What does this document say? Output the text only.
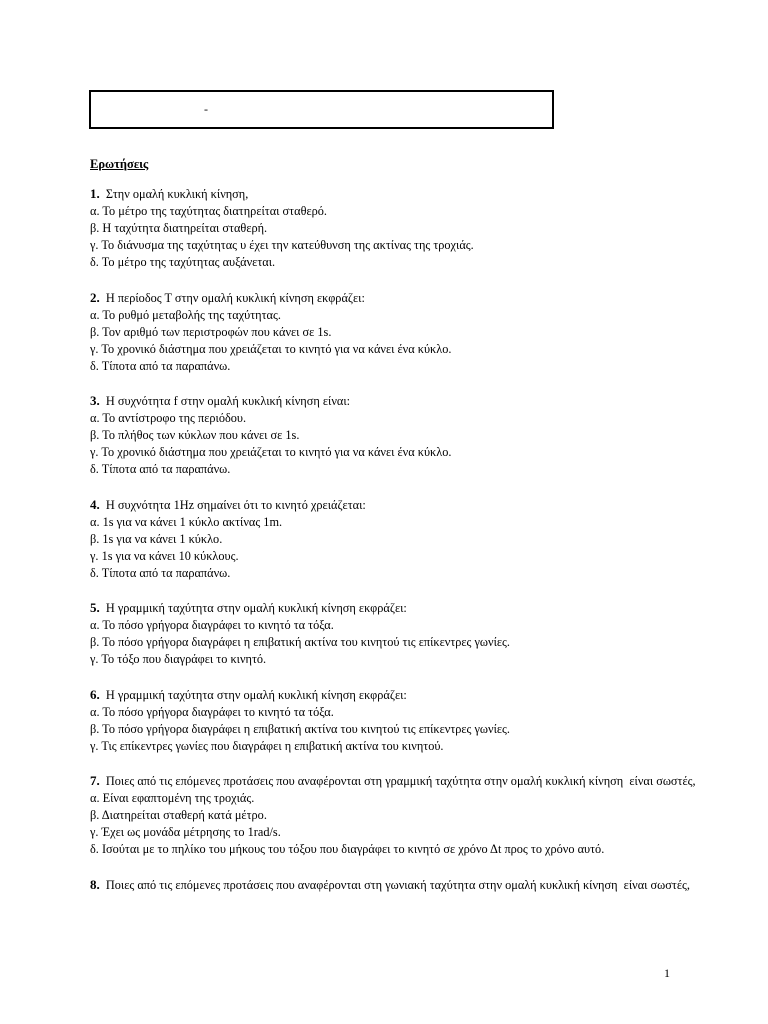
-
Ερωτήσεις
1.  Στην ομαλή κυκλική κίνηση,
α. Το μέτρο της ταχύτητας διατηρείται σταθερό.
β. Η ταχύτητα διατηρείται σταθερή.
γ. Το διάνυσμα της ταχύτητας υ έχει την κατεύθυνση της ακτίνας της τροχιάς.
δ. Το μέτρο της ταχύτητας αυξάνεται.
2.  Η περίοδος Τ στην ομαλή κυκλική κίνηση εκφράζει:
α. Το ρυθμό μεταβολής της ταχύτητας.
β. Τον αριθμό των περιστροφών που κάνει σε 1s.
γ. Το χρονικό διάστημα που χρειάζεται το κινητό για να κάνει ένα κύκλο.
δ. Τίποτα από τα παραπάνω.
3.  Η συχνότητα f στην ομαλή κυκλική κίνηση είναι:
α. Το αντίστροφο της περιόδου.
β. Το πλήθος των κύκλων που κάνει σε 1s.
γ. Το χρονικό διάστημα που χρειάζεται το κινητό για να κάνει ένα κύκλο.
δ. Τίποτα από τα παραπάνω.
4.  Η συχνότητα 1Hz σημαίνει ότι το κινητό χρειάζεται:
α. 1s για να κάνει 1 κύκλο ακτίνας 1m.
β. 1s για να κάνει 1 κύκλο.
γ. 1s για να κάνει 10 κύκλους.
δ. Τίποτα από τα παραπάνω.
5.  Η γραμμική ταχύτητα στην ομαλή κυκλική κίνηση εκφράζει:
α. Το πόσο γρήγορα διαγράφει το κινητό τα τόξα.
β. Το πόσο γρήγορα διαγράφει η επιβατική ακτίνα του κινητού τις επίκεντρες γωνίες.
γ. Το τόξο που διαγράφει το κινητό.
6.  Η γραμμική ταχύτητα στην ομαλή κυκλική κίνηση εκφράζει:
α. Το πόσο γρήγορα διαγράφει το κινητό τα τόξα.
β. Το πόσο γρήγορα διαγράφει η επιβατική ακτίνα του κινητού τις επίκεντρες γωνίες.
γ. Τις επίκεντρες γωνίες που διαγράφει η επιβατική ακτίνα του κινητού.
7.  Ποιες από τις επόμενες προτάσεις που αναφέρονται στη γραμμική ταχύτητα στην ομαλή κυκλική κίνηση  είναι σωστές,
α. Είναι εφαπτομένη της τροχιάς.
β. Διατηρείται σταθερή κατά μέτρο.
γ. Έχει ως μονάδα μέτρησης το 1rad/s.
δ. Ισούται με το πηλίκο του μήκους του τόξου που διαγράφει το κινητό σε χρόνο Δt προς το χρόνο αυτό.
8.  Ποιες από τις επόμενες προτάσεις που αναφέρονται στη γωνιακή ταχύτητα στην ομαλή κυκλική κίνηση  είναι σωστές,
1
